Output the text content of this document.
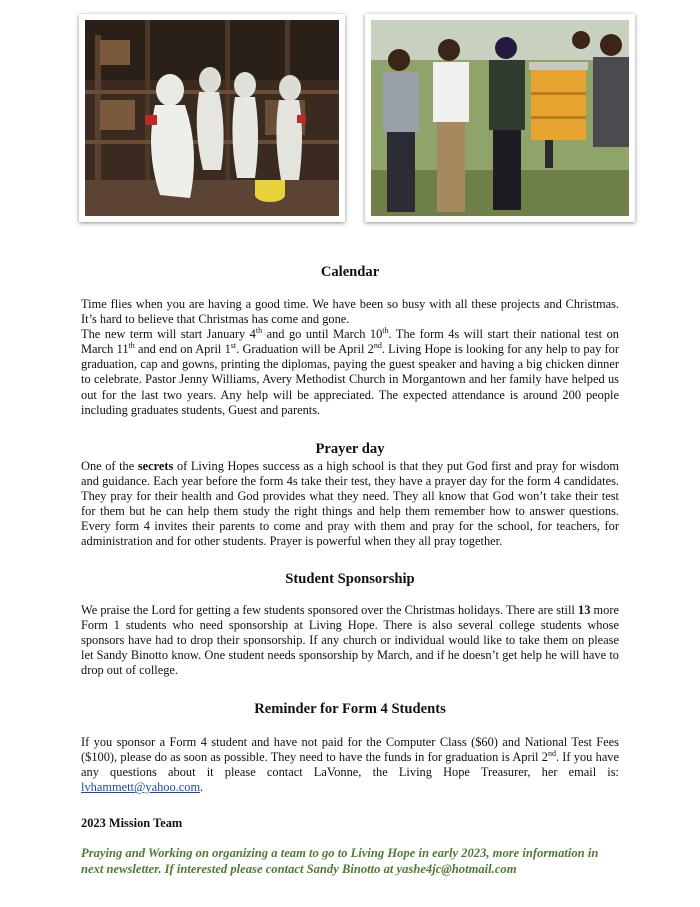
Calendar

Time flies when you are having a good time. We have been so busy with all these projects and Christmas. It’s hard to believe that Christmas has come and gone.

The new term will start January 4th and go until March 10th. The form 4s will start their national test on March 11th and end on April 1st. Graduation will be April 2nd. Living Hope is looking for any help to pay for graduation, cap and gowns, printing the diplomas, paying the guest speaker and having a big chicken dinner to celebrate. Pastor Jenny Williams, Avery Methodist Church in Morgantown and her family have helped us out for the last two years. Any help will be appreciated. The expected attendance is around 200 people including graduates students, Guest and parents.

Prayer day

One of the secrets of Living Hopes success as a high school is that they put God first and pray for wisdom and guidance. Each year before the form 4s take their test, they have a prayer day for the form 4 candidates. They pray for their health and God provides what they need. They all know that God won’t take their test for them but he can help them study the right things and help them remember how to answer questions. Every form 4 invites their parents to come and pray with them and pray for the school, for teachers, for administration and for other students. Prayer is powerful when they all pray together.

Student Sponsorship

We praise the Lord for getting a few students sponsored over the Christmas holidays. There are still 13 more Form 1 students who need sponsorship at Living Hope. There is also several college students whose sponsors have had to drop their sponsorship. If any church or individual would like to take them on please let Sandy Binotto know. One student needs sponsorship by March, and if he doesn’t get help he will have to drop out of college.

Reminder for Form 4 Students

If you sponsor a Form 4 student and have not paid for the Computer Class ($60) and National Test Fees ($100), please do as soon as possible. They need to have the funds in for graduation is April 2nd. If you have any questions about it please contact LaVonne, the Living Hope Treasurer, her email is: lvhammett@yahoo.com.

2023 Mission Team

Praying and Working on organizing a team to go to Living Hope in early 2023, more information in next newsletter. If interested please contact Sandy Binotto at yashe4jc@hotmail.com
